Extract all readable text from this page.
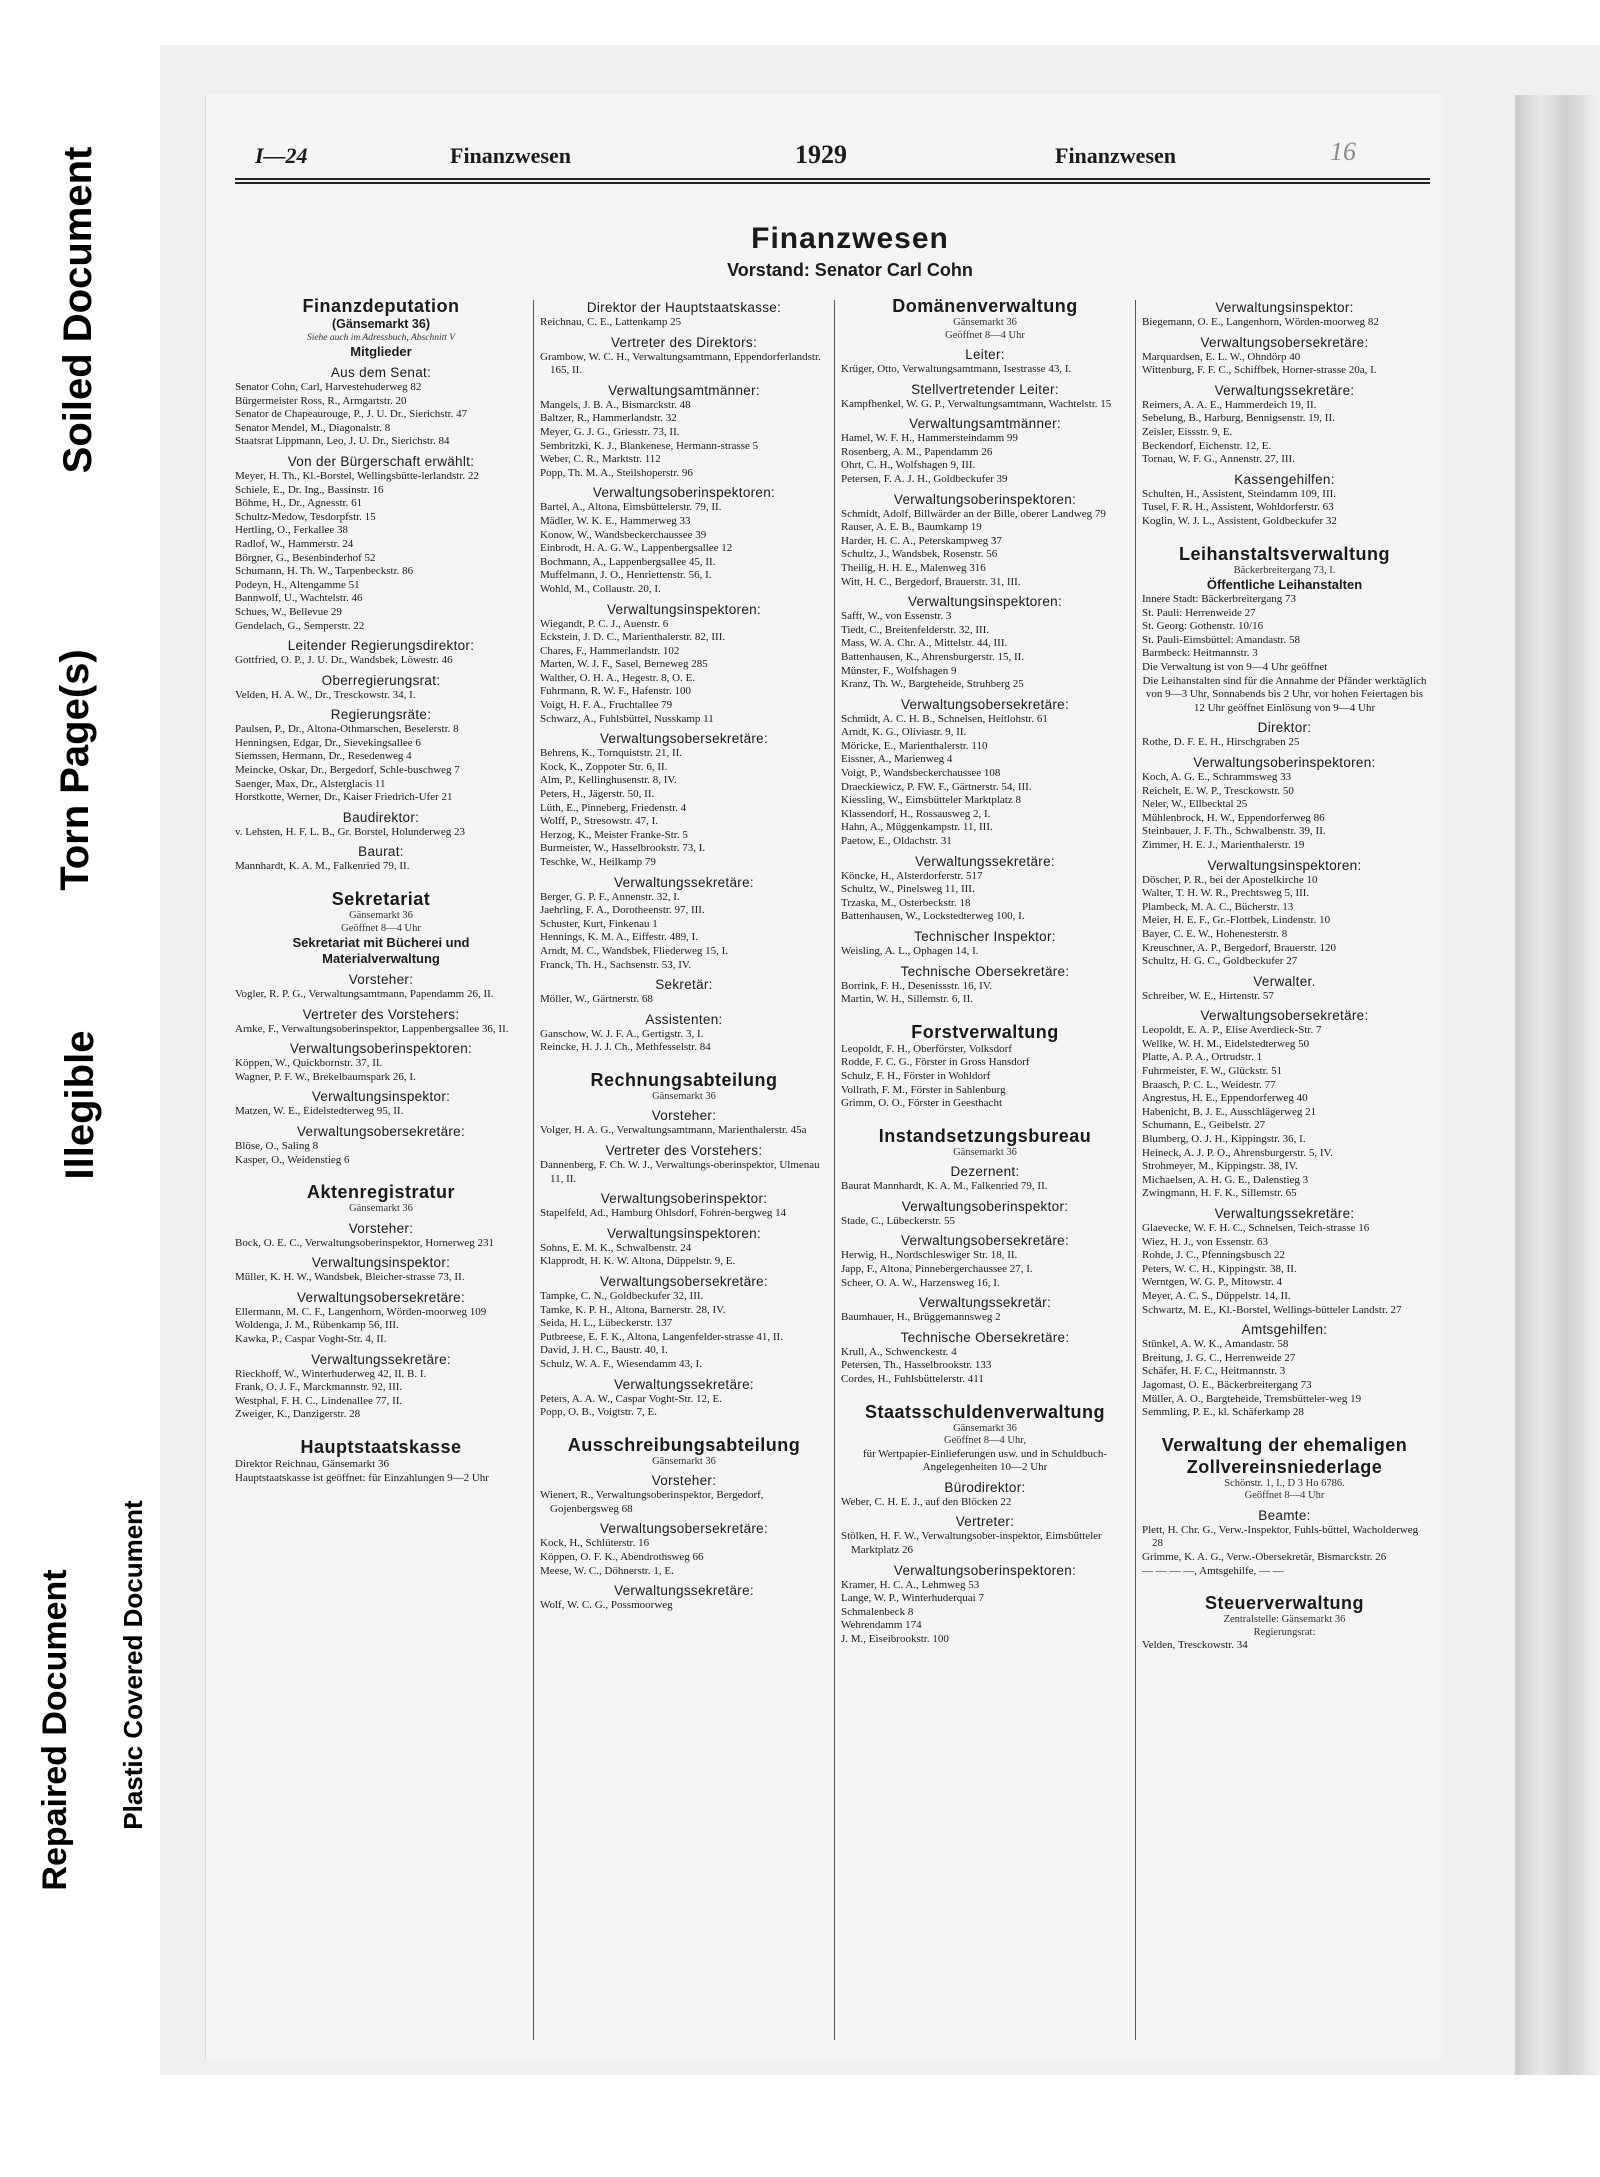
Soiled Document
Torn Page(s)
Illegible
Repaired Document Plastic Covered Document
I—24	Finanzwesen	1929	Finanzwesen	16
Finanzwesen
Vorstand: Senator Carl Cohn
Finanzdeputation
(Gänsemarkt 36)
Siehe auch im Adressbuch, Abschnitt V
Mitglieder
Aus dem Senat:
Senator Cohn, Carl, Harvestehuderweg 82
Bürgermeister Ross, R., Armgartstr. 20
Senator de Chapeaurouge, P., J. U. Dr., Sierichstr. 47
Senator Mendel, M., Diagonalstr. 8
Staatsrat Lippmann, Leo, J. U. Dr., Sierichstr. 84
Von der Bürgerschaft erwählt:
Meyer, H. Th., Kl.-Borstel, Wellingsbütte-lerlandstr. 22
Schiele, E., Dr. Ing., Bassinstr. 16
Böhme, H., Dr., Agnesstr. 61
Schultz-Medow, Tesdorpfstr. 15
Hertling, O., Ferkallee 38
Radlof, W., Hammerstr. 24
Börgner, G., Besenbinderhof 52
Schumann, H. Th. W., Tarpenbeckstr. 86
Podeyn, H., Altengamme 51
Bannwolf, U., Wachtelstr. 46
Schues, W., Bellevue 29
Gendelach, G., Semperstr. 22
Leitender Regierungsdirektor:
Gottfried, O. P., J. U. Dr., Wandsbek, Löwestr. 46
Oberregierungsrat:
Velden, H. A. W., Dr., Tresckowstr. 34, I.
Regierungsräte:
Paulsen, P., Dr., Altona-Othmarschen, Beselerstr. 8
Henningsen, Edgar, Dr., Sievekingsallee 6
Siemssen, Hermann, Dr., Resedenweg 4
Meincke, Oskar, Dr., Bergedorf, Schle-buschweg 7
Saenger, Max, Dr., Alsterglacis 11
Horstkotte, Werner, Dr., Kaiser Friedrich-Ufer 21
Baudirektor:
v. Lehsten, H. F. L. B., Gr. Borstel, Holunderweg 23
Baurat:
Mannhardt, K. A. M., Falkenried 79, II.
Sekretariat
Gänsemarkt 36
Geöffnet 8—4 Uhr
Sekretariat mit Bücherei und Materialverwaltung
Vorsteher:
Vogler, R. P. G., Verwaltungsamtmann, Papendamm 26, II.
Vertreter des Vorstehers:
Arnke, F., Verwaltungsoberinspektor, Lappenbergsallee 36, II.
Verwaltungsoberinspektoren:
Köppen, W., Quickbornstr. 37, II.
Wagner, P. F. W., Brekelbaumspark 26, I.
Verwaltungsinspektor:
Matzen, W. E., Eidelstedterweg 95, II.
Verwaltungsobersekretäre:
Blöse, O., Saling 8
Kasper, O., Weidenstieg 6
Aktenregistratur
Gänsemarkt 36
Vorsteher:
Bock, O. E. C., Verwaltungsoberinspektor, Hornerweg 231
Verwaltungsinspektor:
Müller, K. H. W., Wandsbek, Bleicher-strasse 73, II.
Verwaltungsobersekretäre:
Ellermann, M. C. F., Langenhorn, Wörden-moorweg 109
Woldenga, J. M., Rübenkamp 56, III.
Kawka, P., Caspar Voght-Str. 4, II.
Verwaltungssekretäre:
Rieckhoff, W., Winterhuderweg 42, II. B. I.
Frank, O. J. F., Marckmannstr. 92, III.
Westphal, F. H. C., Lindenallee 77, II.
Zweiger, K., Danzigerstr. 28
Hauptstaatskasse
Direktor Reichnau, Gänsemarkt 36
Hauptstaatskasse ist geöffnet: für Einzahlungen 9—2 Uhr
Direktor der Hauptstaatskasse:
Reichnau, C. E., Lattenkamp 25
Vertreter des Direktors:
Grambow, W. C. H., Verwaltungsamtmann, Eppendorferlandstr. 165, II.
Verwaltungsamtmänner:
Mangels, J. B. A., Bismarckstr. 48
Baltzer, R., Hammerlandstr. 32
Meyer, G. J. G., Griesstr. 73, II.
Sembritzki, K. J., Blankenese, Hermann-strasse 5
Weber, C. R., Marktstr. 112
Popp, Th. M. A., Steilshoperstr. 96
Verwaltungsoberinspektoren:
Bartel, A., Altona, Eimsbüttelerstr. 79, II.
Mädler, W. K. E., Hammerweg 33
Konow, W., Wandsbeckerchaussee 39
Einbrodt, H. A. G. W., Lappenbergsallee 12
Bochmann, A., Lappenbergsallee 45, II.
Muffelmann, J. O., Henriettenstr. 56, I.
Wohld, M., Collaustr. 20, I.
Verwaltungsinspektoren:
Wiegandt, P. C. J., Auenstr. 6
Eckstein, J. D. C., Marienthalerstr. 82, III.
Chares, F., Hammerlandstr. 102
Marten, W. J. F., Sasel, Berneweg 285
Walther, O. H. A., Hegestr. 8, O. E.
Fuhrmann, R. W. F., Hafenstr. 100
Voigt, H. F. A., Fruchtallee 79
Schwarz, A., Fuhlsbüttel, Nusskamp 11
Verwaltungsobersekretäre:
Behrens, K., Tornquiststr. 21, II.
Kock, K., Zoppoter Str. 6, II.
Alm, P., Kellinghusenstr. 8, IV.
Peters, H., Jägerstr. 50, II.
Lüth, E., Pinneberg, Friedenstr. 4
Wolff, P., Stresowstr. 47, I.
Herzog, K., Meister Franke-Str. 5
Burmeister, W., Hasselbrookstr. 73, I.
Teschke, W., Heilkamp 79
Verwaltungssekretäre:
Berger, G. P. F., Annenstr. 32, I.
Jaehrling, F. A., Dorotheenstr. 97, III.
Schuster, Kurt, Finkenau 1
Hennings, K. M. A., Eiffestr. 489, I.
Arndt, M. C., Wandsbek, Fliederweg 15, I.
Franck, Th. H., Sachsenstr. 53, IV.
Sekretär:
Möller, W., Gärtnerstr. 68
Assistenten:
Ganschow, W. J. F. A., Gertigstr. 3, I.
Reincke, H. J. J. Ch., Methfesselstr. 84
Rechnungsabteilung
Gänsemarkt 36
Vorsteher:
Volger, H. A. G., Verwaltungsamtmann, Marienthalerstr. 45a
Vertreter des Vorstehers:
Dannenberg, F. Ch. W. J., Verwaltungs-oberinspektor, Ulmenau 11, II.
Verwaltungsoberinspektor:
Stapelfeld, Ad., Hamburg Ohlsdorf, Fohren-bergweg 14
Verwaltungsinspektoren:
Sohns, E. M. K., Schwalbenstr. 24
Klapprodt, H. K. W. Altona, Düppelstr. 9, E.
Verwaltungsobersekretäre:
Tampke, C. N., Goldbeckufer 32, III.
Tamke, K. P. H., Altona, Barnerstr. 28, IV.
Seida, H. L., Lübeckerstr. 137
Putbreese, E. F. K., Altona, Langenfelder-strasse 41, II.
David, J. H. C., Baustr. 40, I.
Schulz, W. A. F., Wiesendamm 43, I.
Verwaltungssekretäre:
Peters, A. A. W., Caspar Voght-Str. 12, E.
Popp, O. B., Voigtstr. 7, E.
Ausschreibungsabteilung
Gänsemarkt 36
Vorsteher:
Wienert, R., Verwaltungsoberinspektor, Bergedorf, Gojenbergsweg 68
Verwaltungsobersekretäre:
Kock, H., Schlüterstr. 16
Köppen, O. F. K., Abendrothsweg 66
Meese, W. C., Döhnerstr. 1, E.
Verwaltungssekretäre:
Wolf, W. C. G., Possmoorweg
Domänenverwaltung
Gänsemarkt 36
Geöffnet 8—4 Uhr
Leiter:
Krüger, Otto, Verwaltungsamtmann, Isestrasse 43, I.
Stellvertretender Leiter:
Kampfhenkel, W. G. P., Verwaltungsamtmann, Wachtelstr. 15
Verwaltungsamtmänner:
Hamel, W. F. H., Hammersteindamm 99
Rosenberg, A. M., Papendamm 26
Ohrt, C. H., Wolfshagen 9, III.
Petersen, F. A. J. H., Goldbeckufer 39
Verwaltungsoberinspektoren:
Schmidt, Adolf, Billwärder an der Bille, oberer Landweg 79
Rauser, A. E. B., Baumkamp 19
Harder, H. C. A., Peterskampweg 37
Schultz, J., Wandsbek, Rosenstr. 56
Theilig, H. H. E., Malenweg 316
Witt, H. C., Bergedorf, Brauerstr. 31, III.
Verwaltungsinspektoren:
Safft, W., von Essenstr. 3
Tiedt, C., Breitenfelderstr. 32, III.
Mass, W. A. Chr. A., Mittelstr. 44, III.
Battenhausen, K., Ahrensburgerstr. 15, II.
Münster, F., Wolfshagen 9
Kranz, Th. W., Bargteheide, Struhberg 25
Verwaltungsobersekretäre:
Schmidt, A. C. H. B., Schnelsen, Heitlohstr. 61
Arndt, K. G., Oliviastr. 9, II.
Möricke, E., Marienthalerstr. 110
Eissner, A., Marienweg 4
Voigt, P., Wandsbeckerchaussee 108
Draeckiewicz, P. FW. F., Gärtnerstr. 54, III.
Kiessling, W., Eimsbütteler Marktplatz 8
Klassendorf, H., Rossausweg 2, I.
Hahn, A., Müggenkampstr. 11, III.
Paetow, E., Oldachstr. 31
Verwaltungssekretäre:
Köncke, H., Alsterdorferstr. 517
Schultz, W., Pinelsweg 11, III.
Trzaska, M., Osterbeckstr. 18
Battenhausen, W., Lockstedterweg 100, I.
Technischer Inspektor:
Weisling, A. L., Ophagen 14, I.
Technische Obersekretäre:
Borrink, F. H., Desenissstr. 16, IV.
Martin, W. H., Sillemstr. 6, II.
Forstverwaltung
Leopoldt, F. H., Oberförster, Volksdorf
Rodde, F. C. G., Förster in Gross Hansdorf
Schulz, F. H., Förster in Wohldorf
Vollrath, F. M., Förster in Sahlenburg
Grimm, O. O., Förster in Geesthacht
Instandsetzungsbureau
Gänsemarkt 36
Dezernent:
Baurat Mannhardt, K. A. M., Falkenried 79, II.
Verwaltungsoberinspektor:
Stade, C., Lübeckerstr. 55
Verwaltungsobersekretäre:
Herwig, H., Nordschleswiger Str. 18, II.
Japp, F., Altona, Pinnebergerchaussee 27, I.
Scheer, O. A. W., Harzensweg 16, I.
Verwaltungssekretär:
Baumhauer, H., Brüggemannsweg 2
Technische Obersekretäre:
Krull, A., Schwenckestr. 4
Petersen, Th., Hasselbrookstr. 133
Cordes, H., Fuhlsbüttelerstr. 411
Staatsschuldenverwaltung
Gänsemarkt 36
Geöffnet 8—4 Uhr,
für Wertpapier-Einlieferungen usw. und in Schuldbuch-Angelegenheiten 10—2 Uhr
Bürodirektor:
Weber, C. H. E. J., auf den Blöcken 22
Vertreter:
Stölken, H. F. W., Verwaltungsober-inspektor, Eimsbütteler Marktplatz 26
Verwaltungsoberinspektoren:
Kramer, H. C. A., Lehmweg 53
Lange, W. P., Winterhuderquai 7
Schmalenbeck 8
Wehrendamm 174
J. M., Eiseibrookstr. 100
Verwaltungsinspektor:
Biegemann, O. E., Langenhorn, Wörden-moorweg 82
Verwaltungsobersekretäre:
Marquardsen, E. L. W., Ohndörp 40
Wittenburg, F. F. C., Schiffbek, Horner-strasse 20a, I.
Verwaltungssekretäre:
Reimers, A. A. E., Hammerdeich 19, II.
Sebelung, B., Harburg, Bennigsenstr. 19, II.
Zeisler, Eissstr. 9, E.
Beckendorf, Eichenstr. 12, E.
Tornau, W. F. G., Annenstr. 27, III.
Kassengehilfen:
Schulten, H., Assistent, Steindamm 109, III.
Tusel, F. R. H., Assistent, Wohldorferstr. 63
Koglin, W. J. L., Assistent, Goldbeckufer 32
Leihanstaltsverwaltung
Bäckerbreitergang 73, I.
Öffentliche Leihanstalten
Innere Stadt: Bäckerbreitergang 73
St. Pauli: Herrenweide 27
St. Georg: Gothenstr. 10/16
St. Pauli-Eimsbüttel: Amandastr. 58
Barmbeck: Heitmannstr. 3
Die Verwaltung ist von 9—4 Uhr geöffnet
Die Leihanstalten sind für die Annahme der Pfänder werktäglich von 9—3 Uhr, Sonnabends bis 2 Uhr, vor hohen Feiertagen bis 12 Uhr geöffnet Einlösung von 9—4 Uhr
Direktor:
Rothe, D. F. E. H., Hirschgraben 25
Verwaltungsoberinspektoren:
Koch, A. G. E., Schrammsweg 33
Reichelt, E. W. P., Tresckowstr. 50
Neler, W., Ellbecktal 25
Mühlenbrock, H. W., Eppendorferweg 86
Steinbauer, J. F. Th., Schwalbenstr. 39, II.
Zimmer, H. E. J., Marienthalerstr. 19
Verwaltungsinspektoren:
Döscher, P. R., bei der Apostelkirche 10
Walter, T. H. W. R., Prechtsweg 5, III.
Plambeck, M. A. C., Bücherstr. 13
Meier, H. E. F., Gr.-Flottbek, Lindenstr. 10
Bayer, C. E. W., Hohenesterstr. 8
Kreuschner, A. P., Bergedorf, Brauerstr. 120
Schultz, H. G. C., Goldbeckufer 27
Verwalter.
Schreiber, W. E., Hirtenstr. 57
Verwaltungsobersekretäre:
Leopoldt, E. A. P., Elise Averdieck-Str. 7
Wellke, W. H. M., Eidelstedterweg 50
Platte, A. P. A., Ortrudstr. 1
Fuhrmeister, F. W., Glückstr. 51
Braasch, P. C. L., Weidestr. 77
Angrestus, H. E., Eppendorferweg 40
Habenicht, B. J. E., Ausschlägerweg 21
Schumann, E., Geibelstr. 27
Blumberg, O. J. H., Kippingstr. 36, I.
Heineck, A. J. P. O., Ahrensburgerstr. 5, IV.
Strohmeyer, M., Kippingstr. 38, IV.
Michaelsen, A. H. G. E., Dalenstieg 3
Zwingmann, H. F. K., Sillemstr. 65
Verwaltungssekretäre:
Glaevecke, W. F. H. C., Schnelsen, Teich-strasse 16
Wiez, H. J., von Essenstr. 63
Rohde, J. C., Pfenningsbusch 22
Peters, W. C. H., Kippingstr. 38, II.
Werntgen, W. G. P., Mitowstr. 4
Meyer, A. C. S., Düppelstr. 14, II.
Schwartz, M. E., Kl.-Borstel, Wellings-bütteler Landstr. 27
Amtsgehilfen:
Stünkel, A. W. K., Amandastr. 58
Breitung, J. G. C., Herrenweide 27
Schäfer, H. F. C., Heitmannstr. 3
Jagomast, O. E., Bäckerbreitergang 73
Müller, A. O., Bargteheide, Tremsbütteler-weg 19
Semmling, P. E., kl. Schäferkamp 28
Verwaltung der ehemaligen Zollvereinsniederlage
Schönstr. 1, I., D 3 Ho 6786.
Geöffnet 8—4 Uhr
Beamte:
Plett, H. Chr. G., Verw.-Inspektor, Fuhls-büttel, Wacholderweg 28
Grimme, K. A. G., Verw.-Obersekretär, Bismarckstr. 26
— — — —, Amtsgehilfe, — —
Steuerverwaltung
Zentralstelle: Gänsemarkt 36
Regierungsrat:
Velden, Tresckowstr. 34
